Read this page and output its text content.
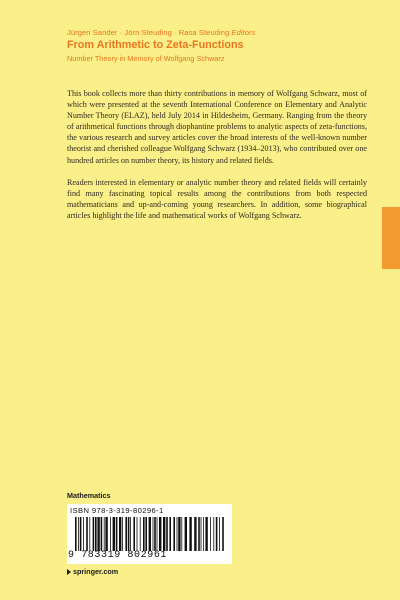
Jürgen Sander · Jörn Steuding · Rasa Steuding Editors
From Arithmetic to Zeta-Functions
Number Theory in Memory of Wolfgang Schwarz

This book collects more than thirty contributions in memory of Wolfgang Schwarz, most of which were presented at the seventh International Conference on Elementary and Analytic Number Theory (ELAZ), held July 2014 in Hildesheim, Germany. Ranging from the theory of arithmetical functions through diophantine problems to analytic aspects of zeta-functions, the various research and survey articles cover the broad interests of the well-known number theorist and cherished colleague Wolfgang Schwarz (1934–2013), who contributed over one hundred articles on number theory, its history and related fields.

Readers interested in elementary or analytic number theory and related fields will certainly find many fascinating topical results among the contributions from both respected mathematicians and up-and-coming young researchers. In addition, some biographical articles highlight the life and mathematical works of Wolfgang Schwarz.

Mathematics
ISBN 978-3-319-80296-1
9 783319 802961
springer.com
